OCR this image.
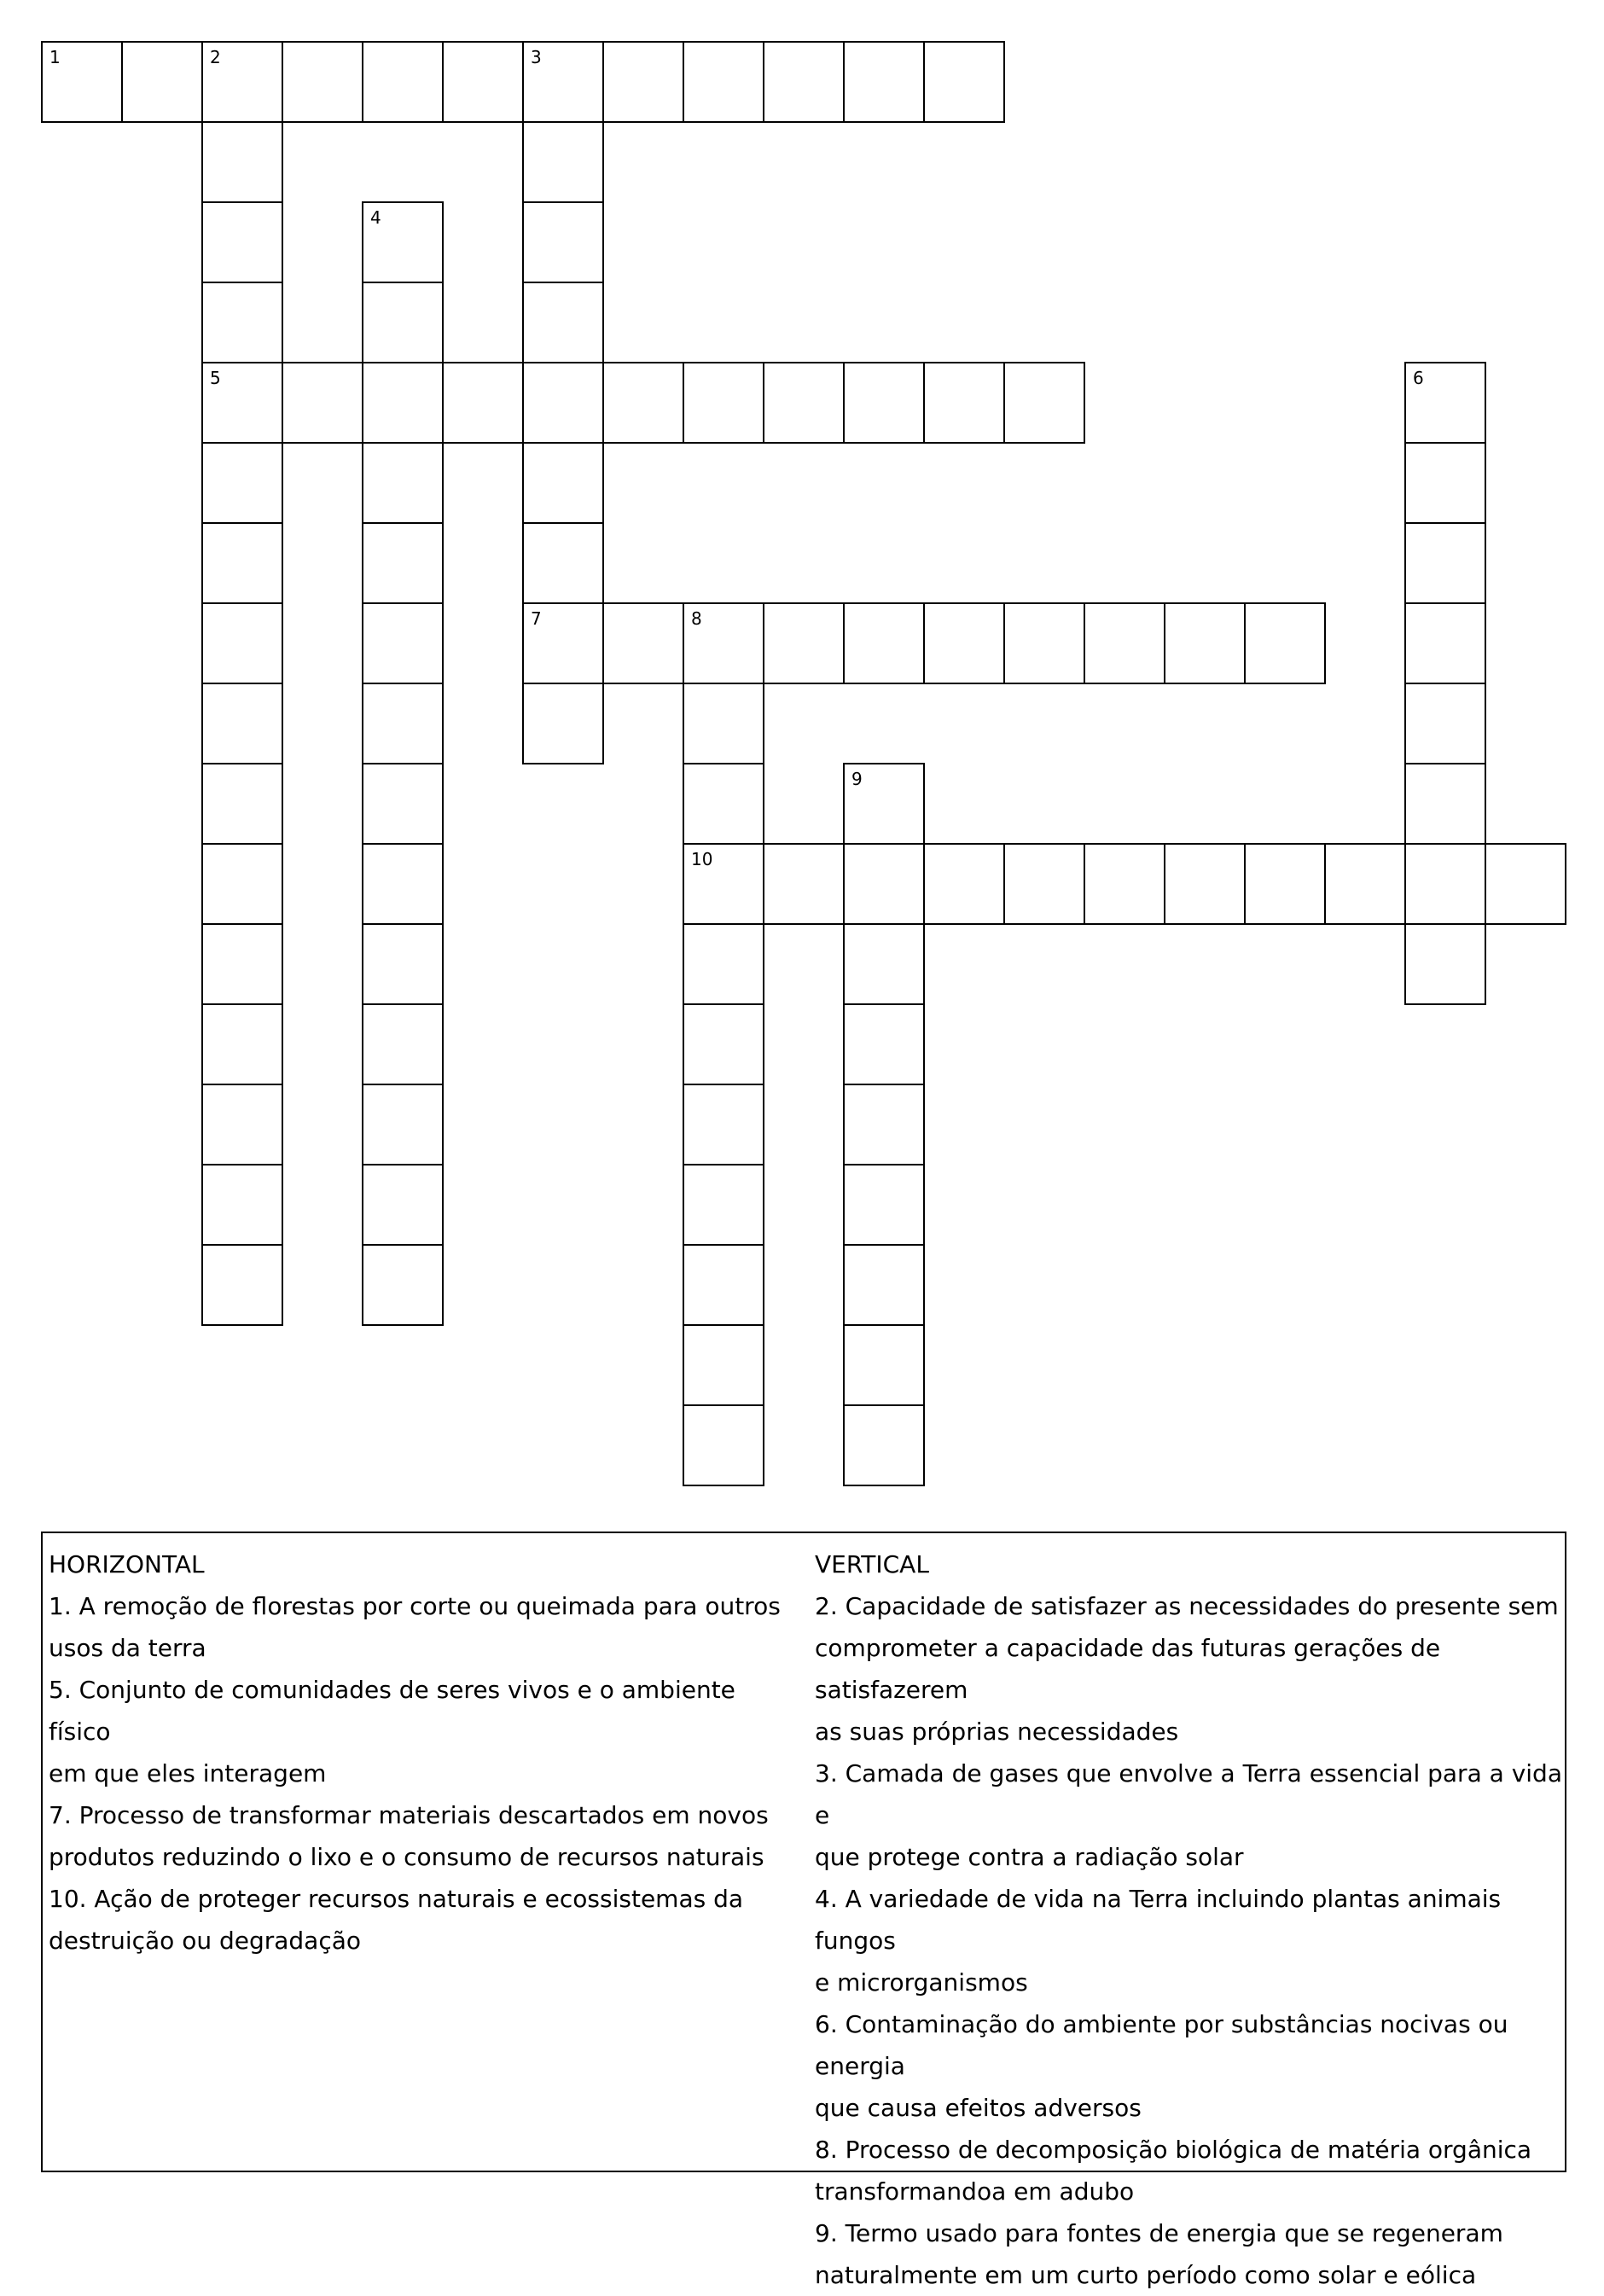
1	2	3
5
7
4
6
8
10
9
HORIZONTAL
1. A remoção de florestas por corte ou queimada para outros
usos da terra
5. Conjunto de comunidades de seres vivos e o ambiente físico
em que eles interagem
7. Processo de transformar materiais descartados em novos
produtos reduzindo o lixo e o consumo de recursos naturais
10. Ação de proteger recursos naturais e ecossistemas da
destruição ou degradação
VERTICAL
2. Capacidade de satisfazer as necessidades do presente sem
comprometer a capacidade das futuras gerações de satisfazerem
as suas próprias necessidades
3. Camada de gases que envolve a Terra essencial para a vida e
que protege contra a radiação solar
4. A variedade de vida na Terra incluindo plantas animais fungos
e microrganismos
6. Contaminação do ambiente por substâncias nocivas ou energia
que causa efeitos adversos
8. Processo de decomposição biológica de matéria orgânica
transformandoa em adubo
9. Termo usado para fontes de energia que se regeneram
naturalmente em um curto período como solar e eólica
